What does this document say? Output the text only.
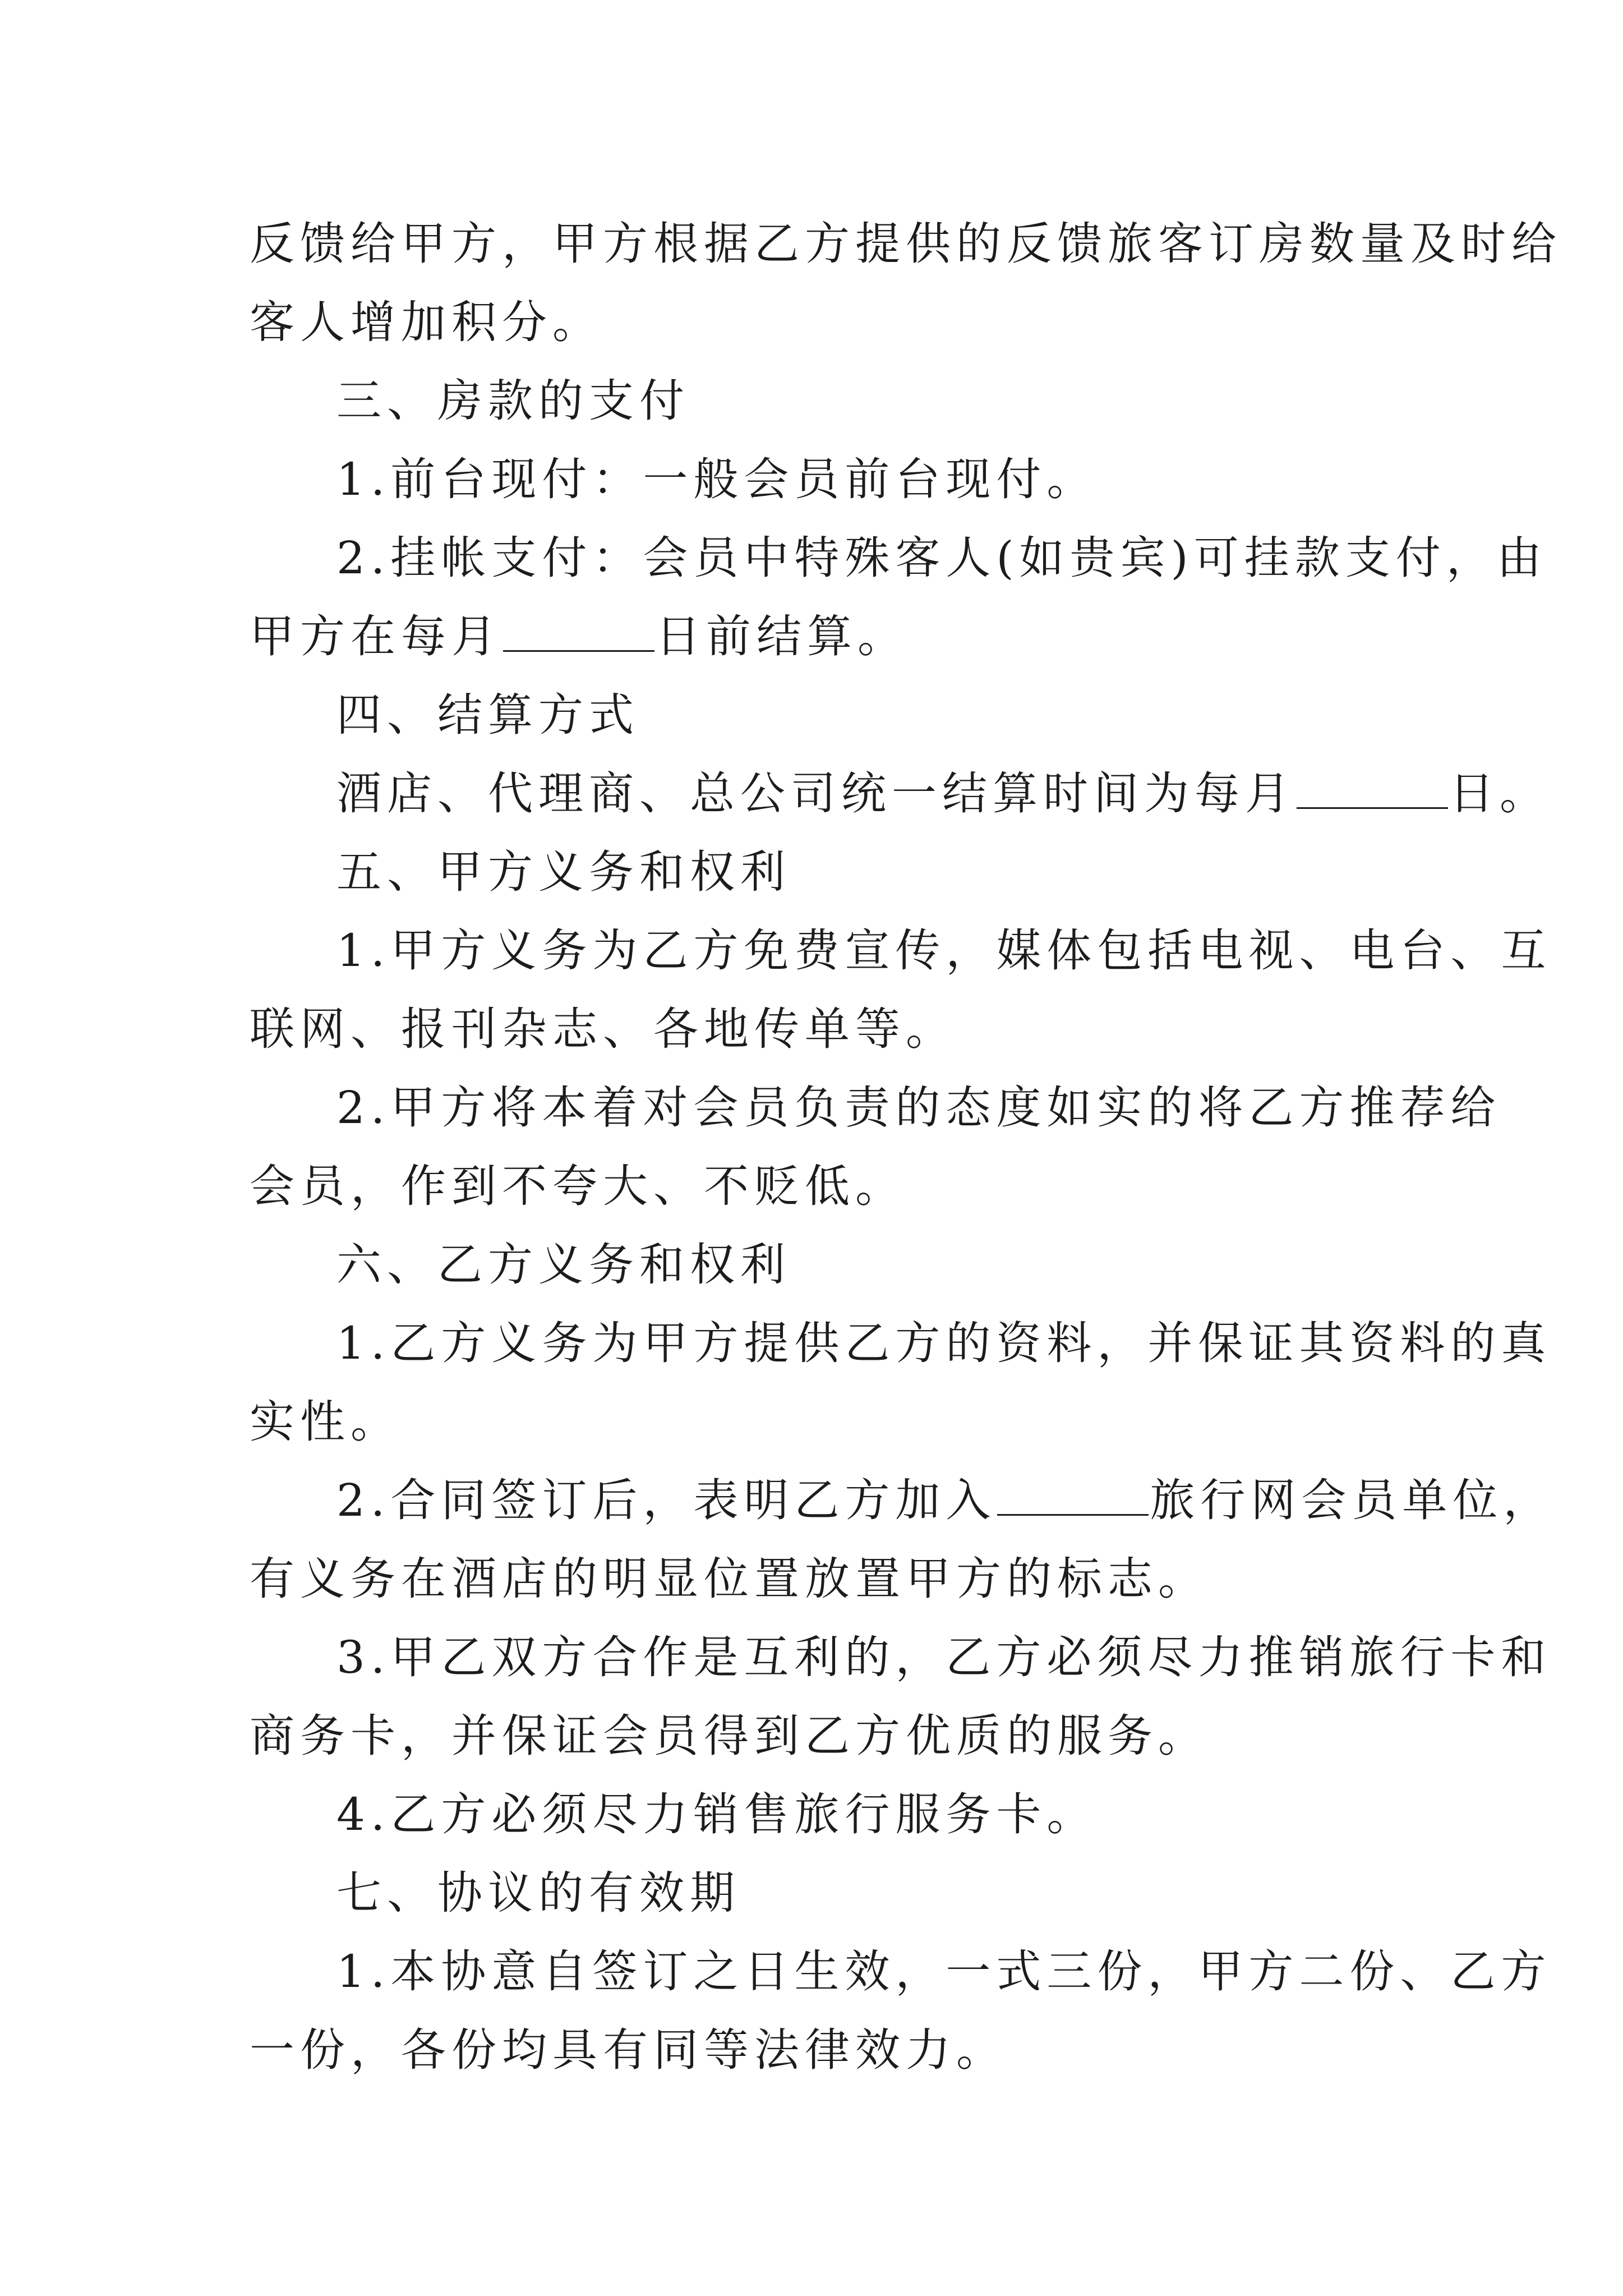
反馈给甲方，甲方根据乙方提供的反馈旅客订房数量及时给
客人增加积分。
三、房款的支付
1.前台现付：一般会员前台现付。
2.挂帐支付：会员中特殊客人(如贵宾)可挂款支付，由
甲方在每月	日前结算。
四、结算方式
酒店、代理商、总公司统一结算时间为每月	日。
五、甲方义务和权利
1.甲方义务为乙方免费宣传，媒体包括电视、电台、互
联网、报刊杂志、各地传单等。
2.甲方将本着对会员负责的态度如实的将乙方推荐给
会员，作到不夸大、不贬低。
六、乙方义务和权利
1.乙方义务为甲方提供乙方的资料，并保证其资料的真
实性。
2.合同签订后，表明乙方加入	旅行网会员单位，
有义务在酒店的明显位置放置甲方的标志。
3.甲乙双方合作是互利的，乙方必须尽力推销旅行卡和
商务卡，并保证会员得到乙方优质的服务。
4.乙方必须尽力销售旅行服务卡。
七、协议的有效期
1.本协意自签订之日生效，一式三份，甲方二份、乙方
一份，各份均具有同等法律效力。
